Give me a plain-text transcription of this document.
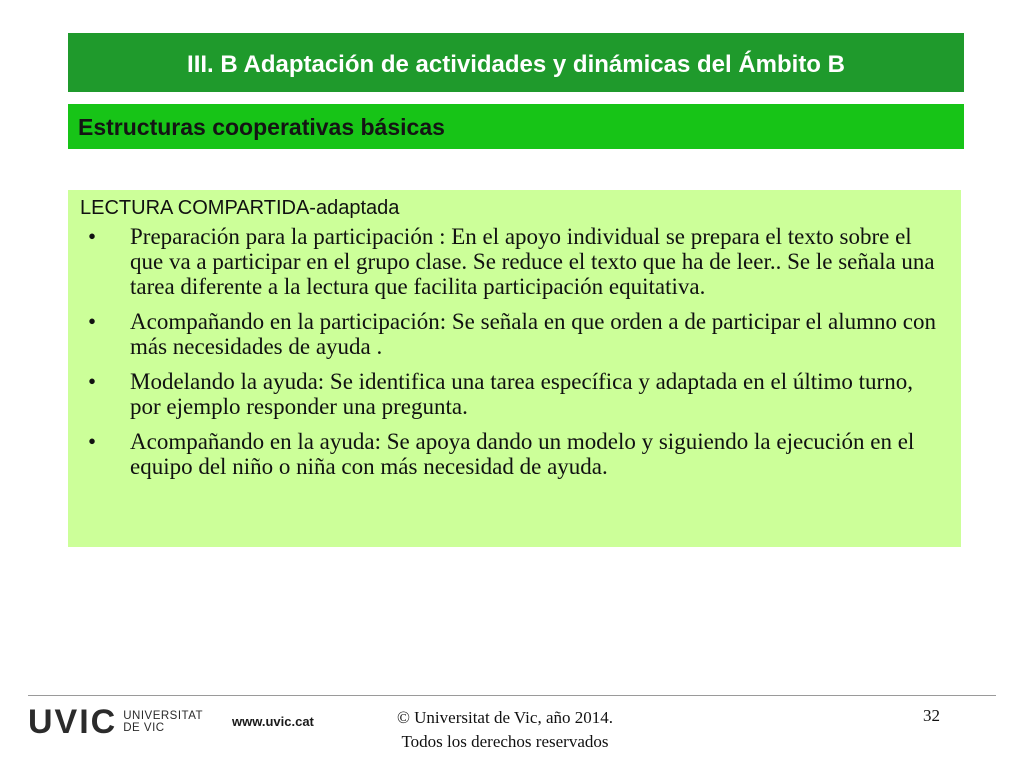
III. B Adaptación de actividades y dinámicas del Ámbito B
Estructuras cooperativas básicas
LECTURA COMPARTIDA-adaptada
• Preparación para la participación : En el apoyo individual se prepara el texto sobre el que va a participar en el grupo clase. Se reduce el texto que ha de leer.. Se le señala una tarea diferente a la lectura que facilita participación equitativa.
• Acompañando en la participación: Se señala en que orden a de participar el alumno con más necesidades de ayuda .
• Modelando la ayuda: Se identifica una tarea específica y adaptada en el último turno, por ejemplo responder una pregunta.
• Acompañando en la ayuda: Se apoya dando un modelo y siguiendo la ejecución en el equipo del niño o niña con más necesidad de ayuda.
UVIC UNIVERSITAT
DE VIC	www.uvic.cat	© Universitat de Vic, año 2014.
Todos los derechos reservados
32
